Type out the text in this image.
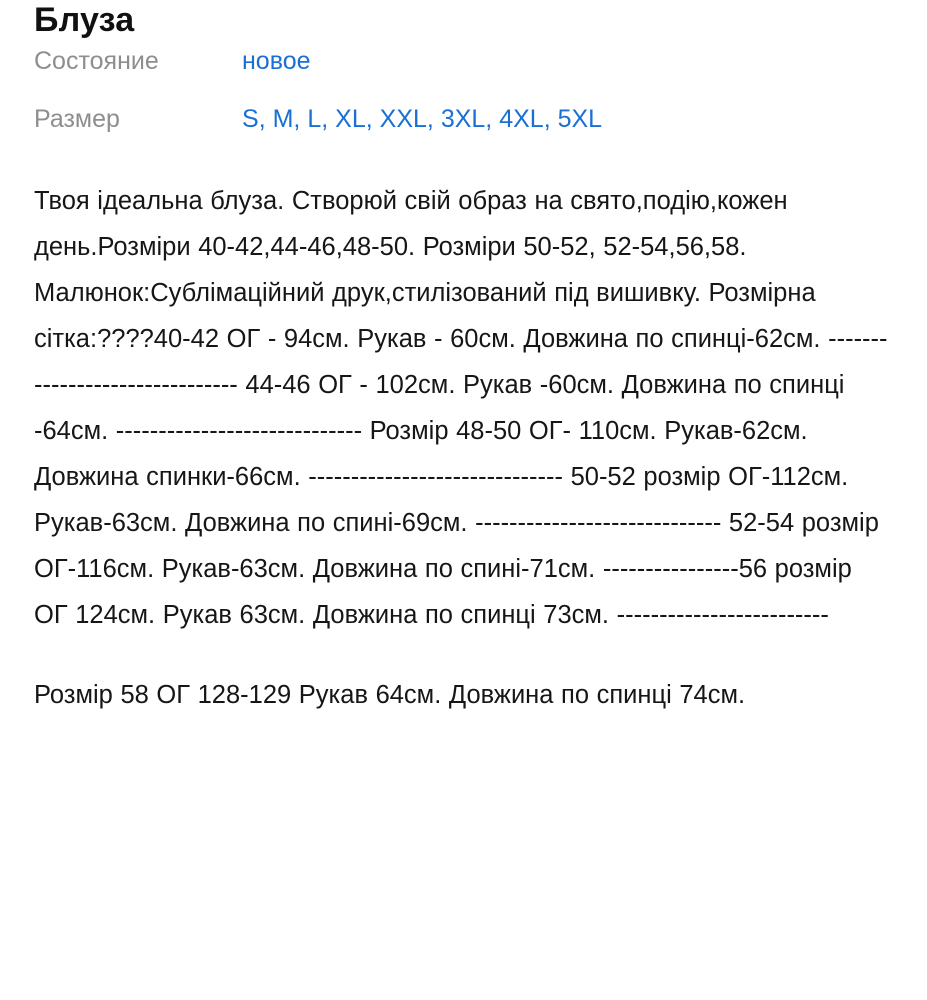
Блуза
Состояние	новое
Размер	S, M, L, XL, XXL, 3XL, 4XL, 5XL

Твоя ідеальна блуза. Створюй свій образ на свято,подію,кожен день.Розміри 40-42,44-46,48-50. Розміри 50-52, 52-54,56,58. Малюнок:Сублімаційний друк,стилізований під вишивку. Розмірна сітка:????40-42 ОГ - 94см. Рукав - 60см. Довжина по спинці-62см. ------------------------------- 44-46 ОГ - 102см. Рукав -60см. Довжина по спинці -64см. ----------------------------- Розмір 48-50 ОГ- 110см. Рукав-62см. Довжина спинки-66см. ------------------------------ 50-52 розмір ОГ-112см. Рукав-63см. Довжина по спині-69см. ----------------------------- 52-54 розмір ОГ-116см. Рукав-63см. Довжина по спині-71см. ----------------56 розмір ОГ 124см. Рукав 63см. Довжина по спинці 73см. -------------------------

Розмір 58 ОГ 128-129 Рукав 64см. Довжина по спинці 74см.
